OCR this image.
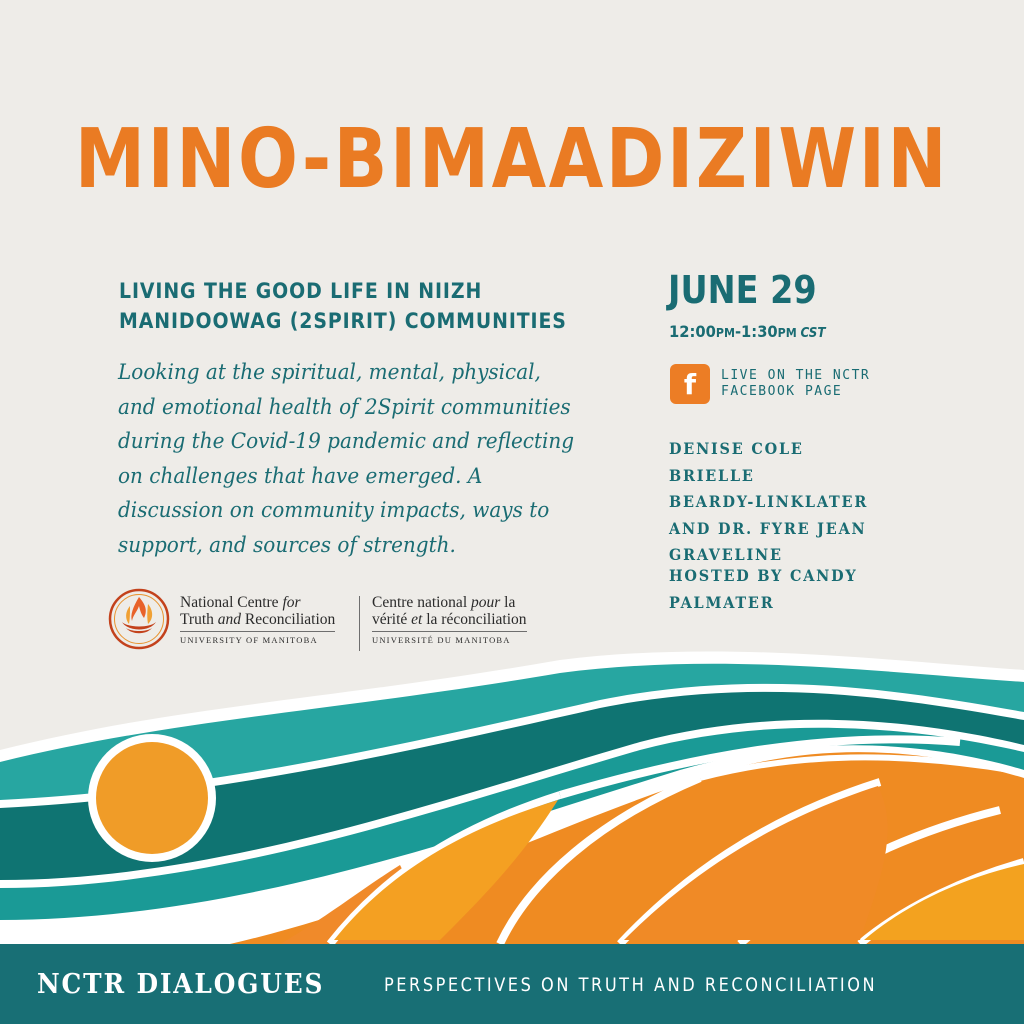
MINO-BIMAADIZIWIN
LIVING THE GOOD LIFE IN NIIZH
MANIDOOWAG (2SPIRIT) COMMUNITIES
Looking at the spiritual, mental, physical,
and emotional health of 2Spirit communities
during the Covid-19 pandemic and reflecting
on challenges that have emerged. A
discussion on community impacts, ways to
support, and sources of strength.
JUNE 29
12:00PM-1:30PM CST
f	LIVE ON THE NCTR
FACEBOOK PAGE
DENISE COLE
BRIELLE
BEARDY-LINKLATER
AND DR. FYRE JEAN
GRAVELINE
HOSTED BY CANDY
PALMATER
National Centre for
Truth and Reconciliation
UNIVERSITY OF MANITOBA
Centre national pour la
vérité et la réconciliation
UNIVERSITÉ DU MANITOBA
NCTR DIALOGUES	PERSPECTIVES ON TRUTH AND RECONCILIATION
